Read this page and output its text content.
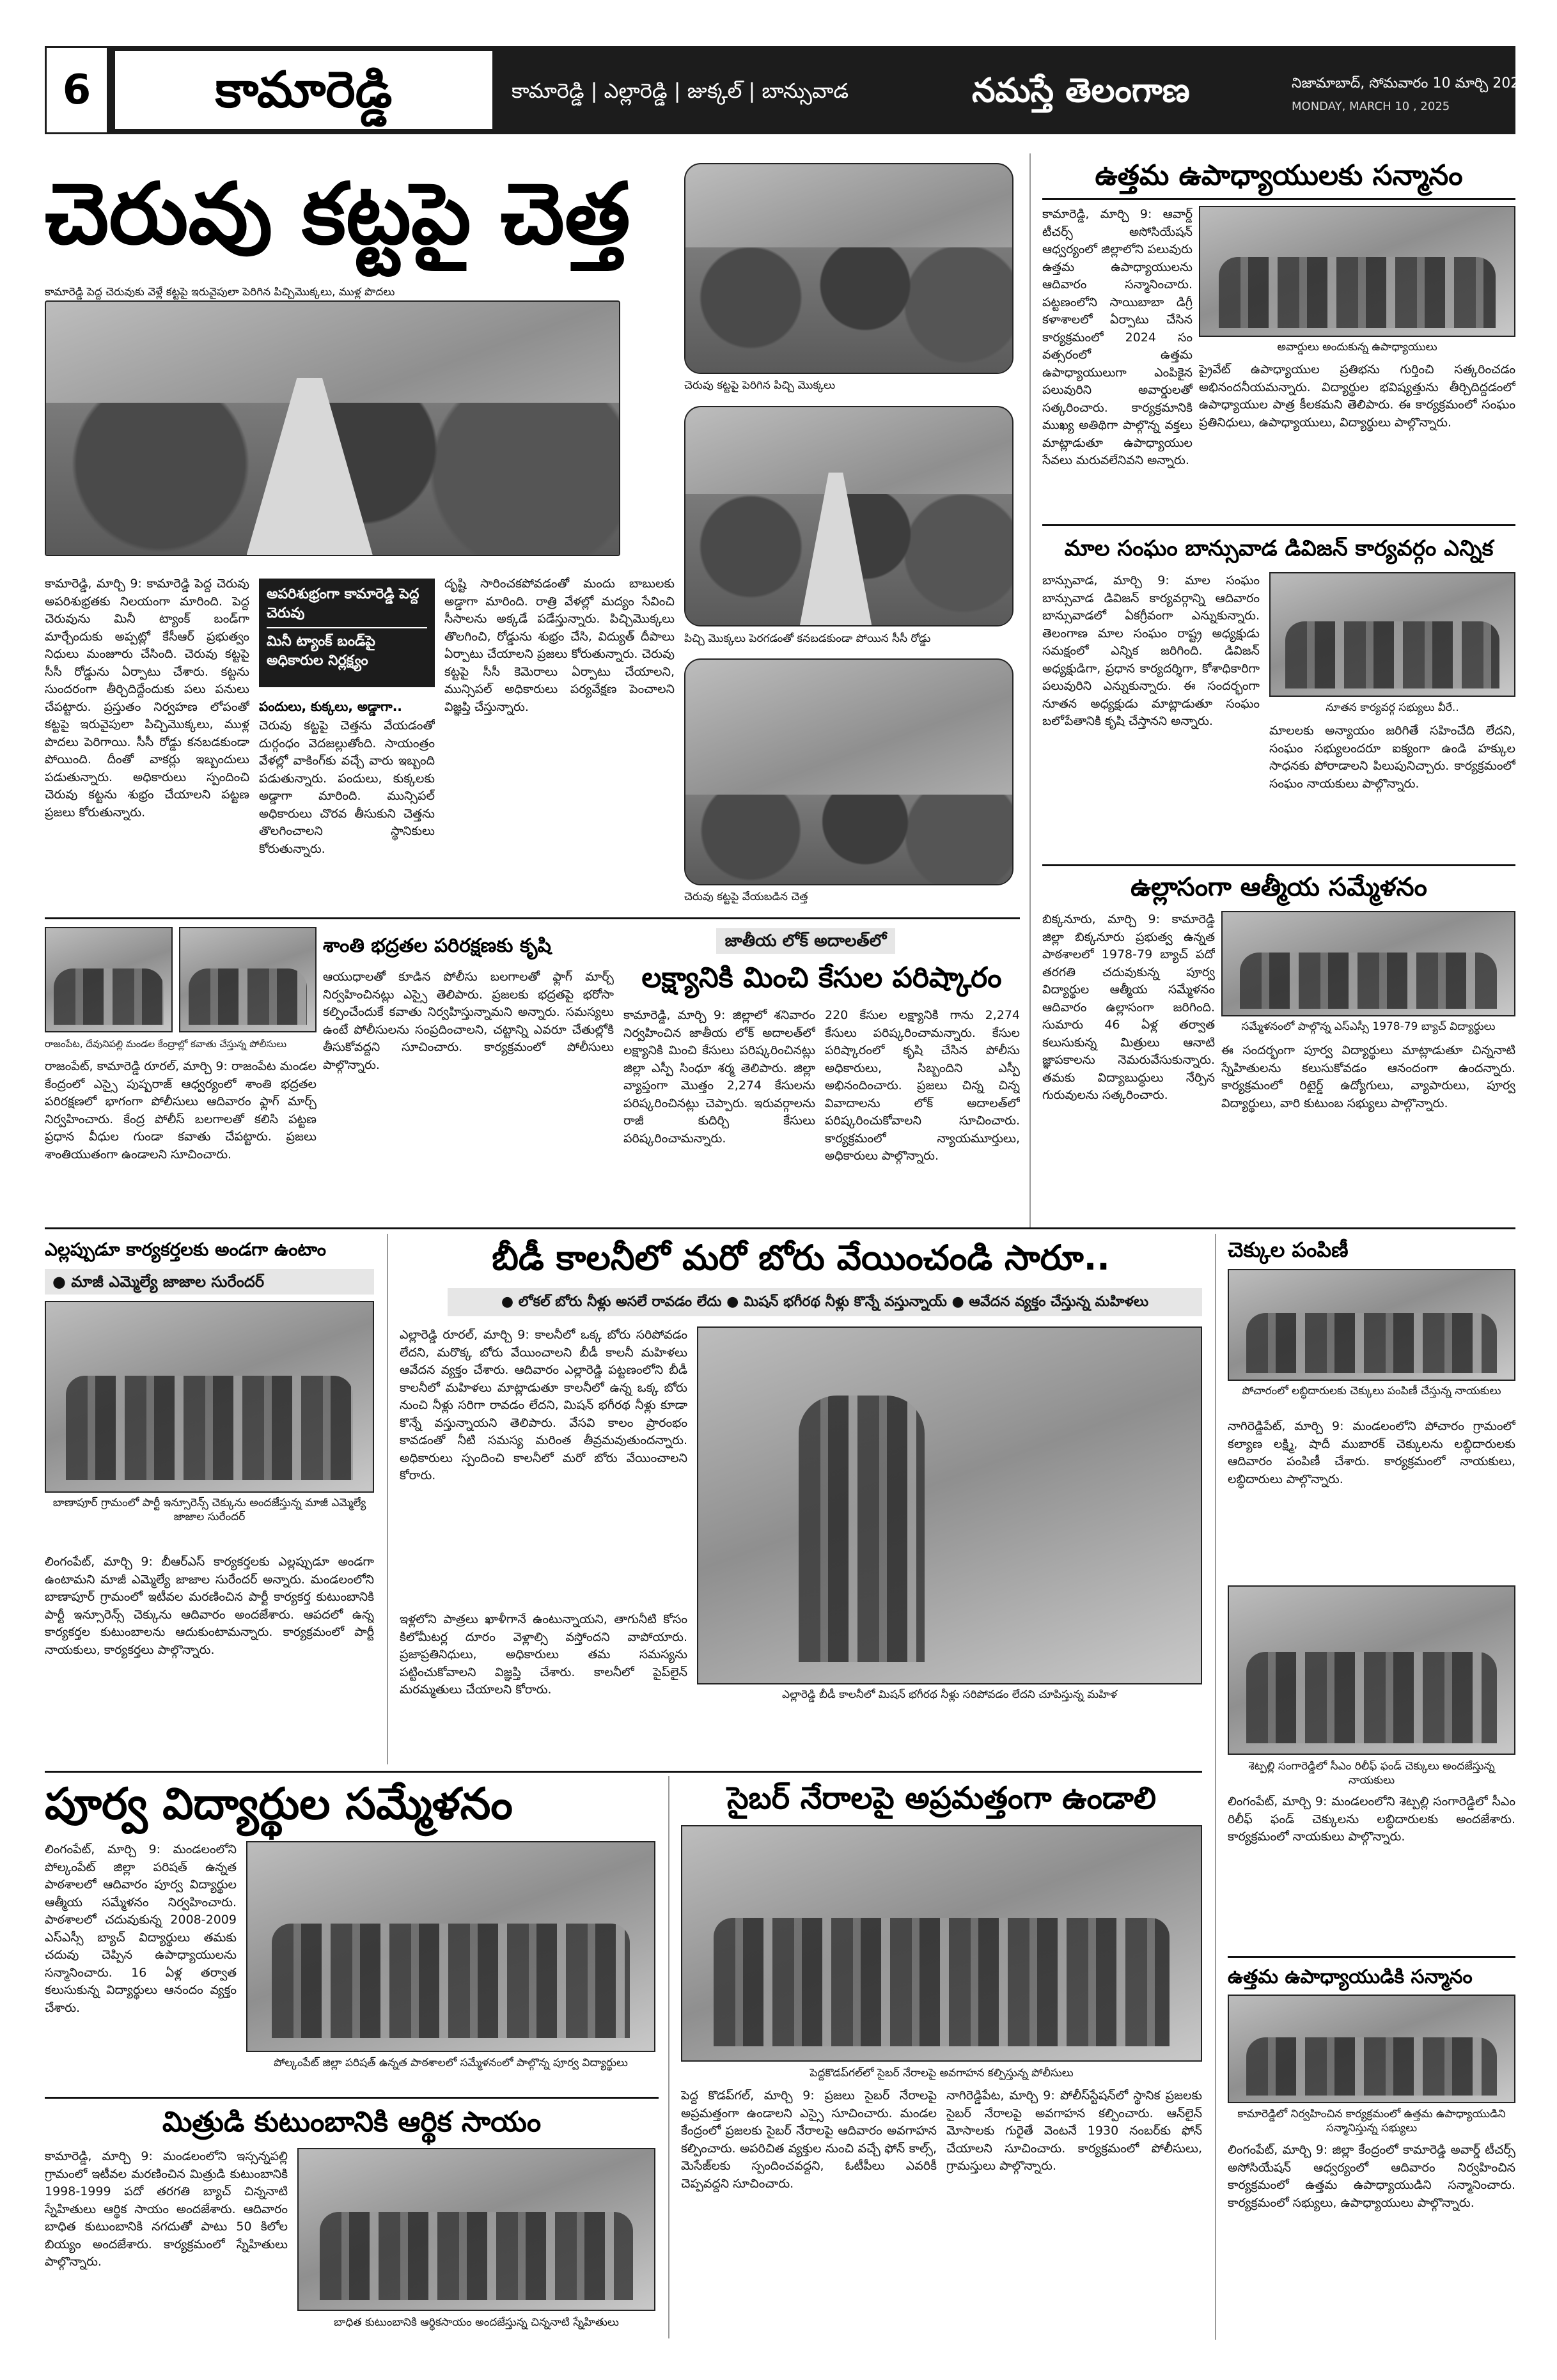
6	కామారెడ్డి	కామారెడ్డి | ఎల్లారెడ్డి | జుక్కల్ | బాన్సువాడ	నమస్తే తెలంగాణ	నిజామాబాద్, సోమవారం 10 మార్చి 2025
MONDAY, MARCH 10 , 2025
చెరువు కట్టపై చెత్త
కామారెడ్డి పెద్ద చెరువుకు వెళ్లే కట్టపై ఇరువైపులా పెరిగిన పిచ్చిమొక్కలు, ముళ్ల పొదలు
చెరువు కట్టపై పెరిగిన పిచ్చి మొక్కలు
పిచ్చి మొక్కలు పెరగడంతో కనబడకుండా పోయిన సీసీ రోడ్డు
చెరువు కట్టపై వేయబడిన చెత్త
కామారెడ్డి, మార్చి 9: కామారెడ్డి పెద్ద చెరువు అపరిశుభ్రతకు నిలయంగా మారింది. పెద్ద చెరువును మినీ ట్యాంక్ బండ్‌గా మార్చేందుకు అప్పట్లో కేసీఆర్ ప్రభుత్వం నిధులు మంజూరు చేసింది. చెరువు కట్టపై సీసీ రోడ్డును ఏర్పాటు చేశారు. కట్టను సుందరంగా తీర్చిదిద్దేందుకు పలు పనులు చేపట్టారు. ప్రస్తుతం నిర్వహణ లోపంతో కట్టపై ఇరువైపులా పిచ్చిమొక్కలు, ముళ్ల పొదలు పెరిగాయి. సీసీ రోడ్డు కనబడకుండా పోయింది. దీంతో వాకర్లు ఇబ్బందులు పడుతున్నారు. అధికారులు స్పందించి చెరువు కట్టను శుభ్రం చేయాలని పట్టణ ప్రజలు కోరుతున్నారు.
అపరిశుభ్రంగా కామారెడ్డి పెద్ద చెరువు
మినీ ట్యాంక్ బండ్‌పై అధికారుల నిర్లక్ష్యం
పందులు, కుక్కలు, అడ్డాగా..
చెరువు కట్టపై చెత్తను వేయడంతో దుర్గంధం వెదజల్లుతోంది. సాయంత్రం వేళల్లో వాకింగ్‌కు వచ్చే వారు ఇబ్బంది పడుతున్నారు. పందులు, కుక్కలకు అడ్డాగా మారింది. మున్సిపల్ అధికారులు చొరవ తీసుకుని చెత్తను తొలగించాలని స్థానికులు కోరుతున్నారు.
దృష్టి సారించకపోవడంతో మందు బాబులకు అడ్డాగా మారింది. రాత్రి వేళల్లో మద్యం సేవించి సీసాలను అక్కడే పడేస్తున్నారు. పిచ్చిమొక్కలు తొలగించి, రోడ్డును శుభ్రం చేసి, విద్యుత్ దీపాలు ఏర్పాటు చేయాలని ప్రజలు కోరుతున్నారు. చెరువు కట్టపై సీసీ కెమెరాలు ఏర్పాటు చేయాలని, మున్సిపల్ అధికారులు పర్యవేక్షణ పెంచాలని విజ్ఞప్తి చేస్తున్నారు.
ఉత్తమ ఉపాధ్యాయులకు సన్మానం
కామారెడ్డి, మార్చి 9: ఆవార్డ్ టీచర్స్ అసోసియేషన్ ఆధ్వర్యంలో జిల్లాలోని పలువురు ఉత్తమ ఉపాధ్యాయులను ఆదివారం సన్మానించారు. పట్టణంలోని సాయిబాబా డిగ్రీ కళాశాలలో ఏర్పాటు చేసిన కార్యక్రమంలో 2024 సం వత్సరంలో ఉత్తమ ఉపాధ్యాయులుగా ఎంపికైన పలువురిని అవార్డులతో సత్కరించారు. కార్యక్రమానికి ముఖ్య అతిథిగా పాల్గొన్న వక్తలు మాట్లాడుతూ ఉపాధ్యాయుల సేవలు మరువలేనివని అన్నారు.
అవార్డులు అందుకున్న ఉపాధ్యాయులు
ప్రైవేట్ ఉపాధ్యాయుల ప్రతిభను గుర్తించి సత్కరించడం అభినందనీయమన్నారు. విద్యార్థుల భవిష్యత్తును తీర్చిదిద్దడంలో ఉపాధ్యాయుల పాత్ర కీలకమని తెలిపారు. ఈ కార్యక్రమంలో సంఘం ప్రతినిధులు, ఉపాధ్యాయులు, విద్యార్థులు పాల్గొన్నారు.
మాల సంఘం బాన్సువాడ డివిజన్ కార్యవర్గం ఎన్నిక
బాన్సువాడ, మార్చి 9: మాల సంఘం బాన్సువాడ డివిజన్ కార్యవర్గాన్ని ఆదివారం బాన్సువాడలో ఏకగ్రీవంగా ఎన్నుకున్నారు. తెలంగాణ మాల సంఘం రాష్ట్ర అధ్యక్షుడు సమక్షంలో ఎన్నిక జరిగింది. డివిజన్ అధ్యక్షుడిగా, ప్రధాన కార్యదర్శిగా, కోశాధికారిగా పలువురిని ఎన్నుకున్నారు. ఈ సందర్భంగా నూతన అధ్యక్షుడు మాట్లాడుతూ సంఘం బలోపేతానికి కృషి చేస్తానని అన్నారు.
నూతన కార్యవర్గ సభ్యులు వీరే..
మాలలకు అన్యాయం జరిగితే సహించేది లేదని, సంఘం సభ్యులందరూ ఐక్యంగా ఉండి హక్కుల సాధనకు పోరాడాలని పిలుపునిచ్చారు. కార్యక్రమంలో సంఘం నాయకులు పాల్గొన్నారు.
ఉల్లాసంగా ఆత్మీయ సమ్మేళనం
బిక్కనూరు, మార్చి 9: కామారెడ్డి జిల్లా బిక్కనూరు ప్రభుత్వ ఉన్నత పాఠశాలలో 1978-79 బ్యాచ్ పదో తరగతి చదువుకున్న పూర్వ విద్యార్థుల ఆత్మీయ సమ్మేళనం ఆదివారం ఉల్లాసంగా జరిగింది. సుమారు 46 ఏళ్ల తర్వాత కలుసుకున్న మిత్రులు ఆనాటి జ్ఞాపకాలను నెమరువేసుకున్నారు. తమకు విద్యాబుద్ధులు నేర్పిన గురువులను సత్కరించారు.
సమ్మేళనంలో పాల్గొన్న ఎస్‌ఎస్సీ 1978-79 బ్యాచ్ విద్యార్థులు
ఈ సందర్భంగా పూర్వ విద్యార్థులు మాట్లాడుతూ చిన్ననాటి స్నేహితులను కలుసుకోవడం ఆనందంగా ఉందన్నారు. కార్యక్రమంలో రిటైర్డ్ ఉద్యోగులు, వ్యాపారులు, పూర్వ విద్యార్థులు, వారి కుటుంబ సభ్యులు పాల్గొన్నారు.
శాంతి భద్రతల పరిరక్షణకు కృషి
రాజంపేట, దేవునిపల్లి మండల కేంద్రాల్లో కవాతు చేస్తున్న పోలీసులు
రాజంపేట్, కామారెడ్డి రూరల్, మార్చి 9: రాజంపేట మండల కేంద్రంలో ఎస్సై పుష్పరాజ్ ఆధ్వర్యంలో శాంతి భద్రతల పరిరక్షణలో భాగంగా పోలీసులు ఆదివారం ఫ్లాగ్ మార్చ్ నిర్వహించారు. కేంద్ర పోలీస్ బలగాలతో కలిసి పట్టణ ప్రధాన వీధుల గుండా కవాతు చేపట్టారు. ప్రజలు శాంతియుతంగా ఉండాలని సూచించారు.
ఆయుధాలతో కూడిన పోలీసు బలగాలతో ఫ్లాగ్ మార్చ్ నిర్వహించినట్లు ఎస్సై తెలిపారు. ప్రజలకు భద్రతపై భరోసా కల్పించేందుకే కవాతు నిర్వహిస్తున్నామని అన్నారు. సమస్యలు ఉంటే పోలీసులను సంప్రదించాలని, చట్టాన్ని ఎవరూ చేతుల్లోకి తీసుకోవద్దని సూచించారు. కార్యక్రమంలో పోలీసులు పాల్గొన్నారు.
జాతీయ లోక్ అదాలత్‌లో
లక్ష్యానికి మించి కేసుల పరిష్కారం
కామారెడ్డి, మార్చి 9: జిల్లాలో శనివారం నిర్వహించిన జాతీయ లోక్ అదాలత్‌లో లక్ష్యానికి మించి కేసులు పరిష్కరించినట్లు జిల్లా ఎస్పీ సింధూ శర్మ తెలిపారు. జిల్లా వ్యాప్తంగా మొత్తం 2,274 కేసులను పరిష్కరించినట్లు చెప్పారు. ఇరువర్గాలను రాజీ కుదిర్చి కేసులు పరిష్కరించామన్నారు.
220 కేసుల లక్ష్యానికి గాను 2,274 కేసులు పరిష్కరించామన్నారు. కేసుల పరిష్కారంలో కృషి చేసిన పోలీసు అధికారులు, సిబ్బందిని ఎస్పీ అభినందించారు. ప్రజలు చిన్న చిన్న వివాదాలను లోక్ అదాలత్‌లో పరిష్కరించుకోవాలని సూచించారు. కార్యక్రమంలో న్యాయమూర్తులు, అధికారులు పాల్గొన్నారు.
ఎల్లప్పుడూ కార్యకర్తలకు అండగా ఉంటాం
● మాజీ ఎమ్మెల్యే జాజాల సురేందర్
బాణాపూర్ గ్రామంలో పార్టీ ఇన్సూరెన్స్ చెక్కును అందజేస్తున్న మాజీ ఎమ్మెల్యే జాజాల సురేందర్
లింగంపేట్, మార్చి 9: బీఆర్‌ఎస్ కార్యకర్తలకు ఎల్లప్పుడూ అండగా ఉంటామని మాజీ ఎమ్మెల్యే జాజాల సురేందర్ అన్నారు. మండలంలోని బాణాపూర్ గ్రామంలో ఇటీవల మరణించిన పార్టీ కార్యకర్త కుటుంబానికి పార్టీ ఇన్సూరెన్స్ చెక్కును ఆదివారం అందజేశారు. ఆపదలో ఉన్న కార్యకర్తల కుటుంబాలను ఆదుకుంటామన్నారు. కార్యక్రమంలో పార్టీ నాయకులు, కార్యకర్తలు పాల్గొన్నారు.
బీడీ కాలనీలో మరో బోరు వేయించండి సారూ..
● లోకల్ బోరు నీళ్లు అసలే రావడం లేదు ● మిషన్ భగీరథ నీళ్లు కొన్నే వస్తున్నాయ్ ● ఆవేదన వ్యక్తం చేస్తున్న మహిళలు
ఎల్లారెడ్డి రూరల్, మార్చి 9: కాలనీలో ఒక్క బోరు సరిపోవడం లేదని, మరొక్క బోరు వేయించాలని బీడీ కాలనీ మహిళలు ఆవేదన వ్యక్తం చేశారు. ఆదివారం ఎల్లారెడ్డి పట్టణంలోని బీడీ కాలనీలో మహిళలు మాట్లాడుతూ కాలనీలో ఉన్న ఒక్క బోరు నుంచి నీళ్లు సరిగా రావడం లేదని, మిషన్ భగీరథ నీళ్లు కూడా కొన్నే వస్తున్నాయని తెలిపారు. వేసవి కాలం ప్రారంభం కావడంతో నీటి సమస్య మరింత తీవ్రమవుతుందన్నారు. అధికారులు స్పందించి కాలనీలో మరో బోరు వేయించాలని కోరారు.
ఇళ్లలోని పాత్రలు ఖాళీగానే ఉంటున్నాయని, తాగునీటి కోసం కిలోమీటర్ల దూరం వెళ్లాల్సి వస్తోందని వాపోయారు. ప్రజాప్రతినిధులు, అధికారులు తమ సమస్యను పట్టించుకోవాలని విజ్ఞప్తి చేశారు. కాలనీలో పైప్‌లైన్ మరమ్మతులు చేయాలని కోరారు.	ఎల్లారెడ్డి బీడీ కాలనీలో మిషన్ భగీరథ నీళ్లు సరిపోవడం లేదని చూపిస్తున్న మహిళ
చెక్కుల పంపిణీ
పోచారంలో లబ్ధిదారులకు చెక్కులు పంపిణీ చేస్తున్న నాయకులు
నాగిరెడ్డిపేట్, మార్చి 9: మండలంలోని పోచారం గ్రామంలో కల్యాణ లక్ష్మి, షాదీ ముబారక్ చెక్కులను లబ్ధిదారులకు ఆదివారం పంపిణీ చేశారు. కార్యక్రమంలో నాయకులు, లబ్ధిదారులు పాల్గొన్నారు.
శెట్పల్లి సంగారెడ్డిలో సీఎం రిలీఫ్ ఫండ్ చెక్కులు అందజేస్తున్న నాయకులు
లింగంపేట్, మార్చి 9: మండలంలోని శెట్పల్లి సంగారెడ్డిలో సీఎం రిలీఫ్ ఫండ్ చెక్కులను లబ్ధిదారులకు అందజేశారు. కార్యక్రమంలో నాయకులు పాల్గొన్నారు.
ఉత్తమ ఉపాధ్యాయుడికి సన్మానం
కామారెడ్డిలో నిర్వహించిన కార్యక్రమంలో ఉత్తమ ఉపాధ్యాయుడిని సన్మానిస్తున్న సభ్యులు
లింగంపేట్, మార్చి 9: జిల్లా కేంద్రంలో కామారెడ్డి అవార్డ్ టీచర్స్ అసోసియేషన్ ఆధ్వర్యంలో ఆదివారం నిర్వహించిన కార్యక్రమంలో ఉత్తమ ఉపాధ్యాయుడిని సన్మానించారు. కార్యక్రమంలో సభ్యులు, ఉపాధ్యాయులు పాల్గొన్నారు.
పూర్వ విద్యార్థుల సమ్మేళనం
లింగంపేట్, మార్చి 9: మండలంలోని పోల్కంపేట్ జిల్లా పరిషత్ ఉన్నత పాఠశాలలో ఆదివారం పూర్వ విద్యార్థుల ఆత్మీయ సమ్మేళనం నిర్వహించారు. పాఠశాలలో చదువుకున్న 2008-2009 ఎస్‌ఎస్సీ బ్యాచ్ విద్యార్థులు తమకు చదువు చెప్పిన ఉపాధ్యాయులను సన్మానించారు. 16 ఏళ్ల తర్వాత కలుసుకున్న విద్యార్థులు ఆనందం వ్యక్తం చేశారు.
పోల్కంపేట్ జిల్లా పరిషత్ ఉన్నత పాఠశాలలో సమ్మేళనంలో పాల్గొన్న పూర్వ విద్యార్థులు
సైబర్ నేరాలపై అప్రమత్తంగా ఉండాలి
పెద్దకొడప్‌గల్‌లో సైబర్ నేరాలపై అవగాహన కల్పిస్తున్న పోలీసులు
పెద్ద కొడప్‌గల్, మార్చి 9: ప్రజలు సైబర్ నేరాలపై అప్రమత్తంగా ఉండాలని ఎస్సై సూచించారు. మండల కేంద్రంలో ప్రజలకు సైబర్ నేరాలపై ఆదివారం అవగాహన కల్పించారు. అపరిచిత వ్యక్తుల నుంచి వచ్చే ఫోన్ కాల్స్, మెసేజ్‌లకు స్పందించవద్దని, ఓటీపీలు ఎవరికీ చెప్పవద్దని సూచించారు.
నాగిరెడ్డిపేట, మార్చి 9: పోలీస్‌స్టేషన్‌లో స్థానిక ప్రజలకు సైబర్ నేరాలపై అవగాహన కల్పించారు. ఆన్‌లైన్ మోసాలకు గురైతే వెంటనే 1930 నంబర్‌కు ఫోన్ చేయాలని సూచించారు. కార్యక్రమంలో పోలీసులు, గ్రామస్తులు పాల్గొన్నారు.
మిత్రుడి కుటుంబానికి ఆర్థిక సాయం
కామారెడ్డి, మార్చి 9: మండలంలోని ఇస్సన్నపల్లి గ్రామంలో ఇటీవల మరణించిన మిత్రుడి కుటుంబానికి 1998-1999 పదో తరగతి బ్యాచ్ చిన్ననాటి స్నేహితులు ఆర్థిక సాయం అందజేశారు. ఆదివారం బాధిత కుటుంబానికి నగదుతో పాటు 50 కిలోల బియ్యం అందజేశారు. కార్యక్రమంలో స్నేహితులు పాల్గొన్నారు.
బాధిత కుటుంబానికి ఆర్థికసాయం అందజేస్తున్న చిన్ననాటి స్నేహితులు
